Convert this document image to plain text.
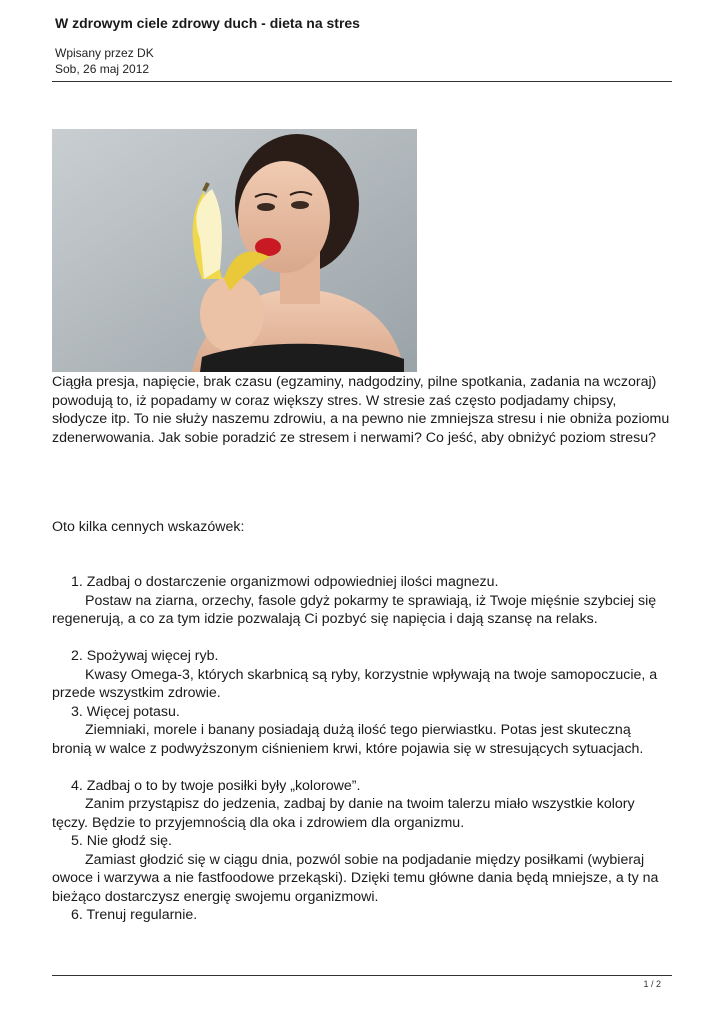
W zdrowym ciele zdrowy duch - dieta na stres
Wpisany przez DK
Sob, 26 maj 2012
Ciągła presja, napięcie, brak czasu (egzaminy, nadgodziny, pilne spotkania, zadania na wczoraj) powodują to, iż popadamy w coraz większy stres. W stresie zaś często podjadamy chipsy, słodycze itp. To nie służy naszemu zdrowiu, a na pewno nie zmniejsza stresu i nie obniża poziomu zdenerwowania. Jak sobie poradzić ze stresem i nerwami? Co jeść, aby obniżyć poziom stresu?
Oto kilka cennych wskazówek:

1. Zadbaj o dostarczenie organizmowi odpowiedniej ilości magnezu.

Postaw na ziarna, orzechy, fasole gdyż pokarmy te sprawiają, iż Twoje mięśnie szybciej się regenerują, a co za tym idzie pozwalają Ci pozbyć się napięcia i dają szansę na relaks.

2. Spożywaj więcej ryb.

Kwasy Omega-3, których skarbnicą są ryby, korzystnie wpływają na twoje samopoczucie, a przede wszystkim zdrowie.

3. Więcej potasu.

Ziemniaki, morele i banany posiadają dużą ilość tego pierwiastku. Potas jest skuteczną bronią w walce z podwyższonym ciśnieniem krwi, które pojawia się w stresujących sytuacjach.

4. Zadbaj o to by twoje posiłki były „kolorowe”.

Zanim przystąpisz do jedzenia, zadbaj by danie na twoim talerzu miało wszystkie kolory tęczy. Będzie to przyjemnością dla oka i zdrowiem dla organizmu.

5. Nie głodź się.

Zamiast głodzić się w ciągu dnia, pozwól sobie na podjadanie między posiłkami (wybieraj owoce i warzywa a nie fastfoodowe przekąski). Dzięki temu główne dania będą mniejsze, a ty na bieżąco dostarczysz energię swojemu organizmowi.

6. Trenuj regularnie.

1 / 2
